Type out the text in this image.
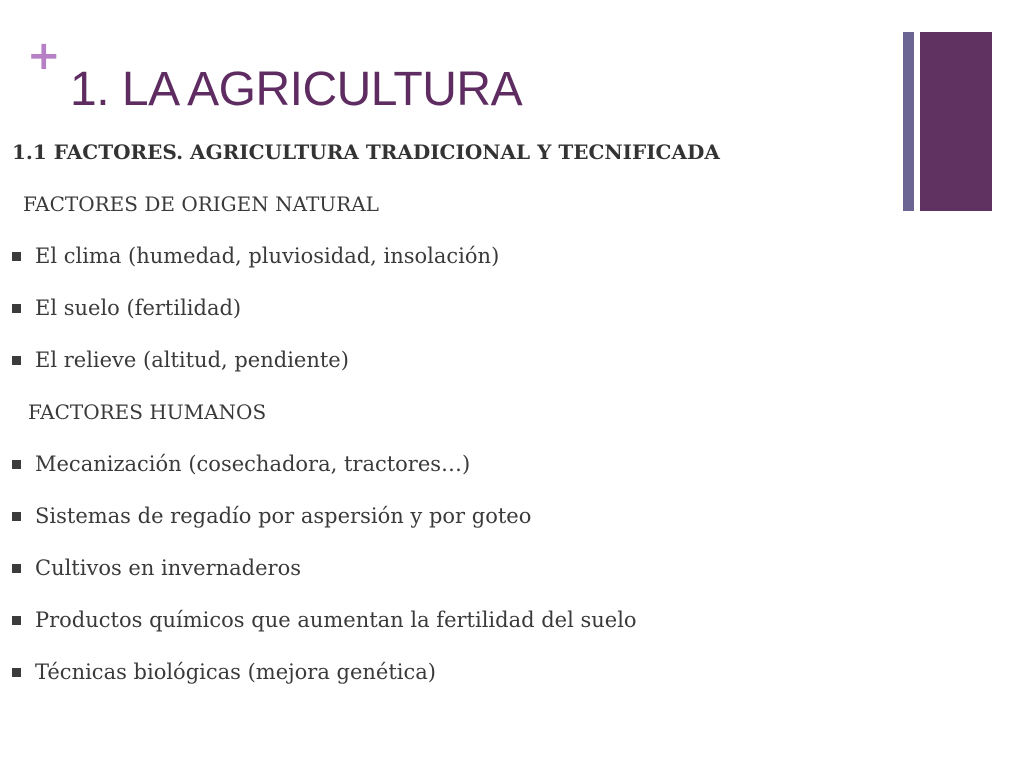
+
1. LA AGRICULTURA
1.1 FACTORES. AGRICULTURA TRADICIONAL Y TECNIFICADA
FACTORES DE ORIGEN NATURAL
El clima (humedad, pluviosidad, insolación)
El suelo (fertilidad)
El relieve (altitud, pendiente)
FACTORES HUMANOS
Mecanización (cosechadora, tractores…)
Sistemas de regadío por aspersión y por goteo
Cultivos en invernaderos
Productos químicos que aumentan la fertilidad del suelo
Técnicas biológicas (mejora genética)
